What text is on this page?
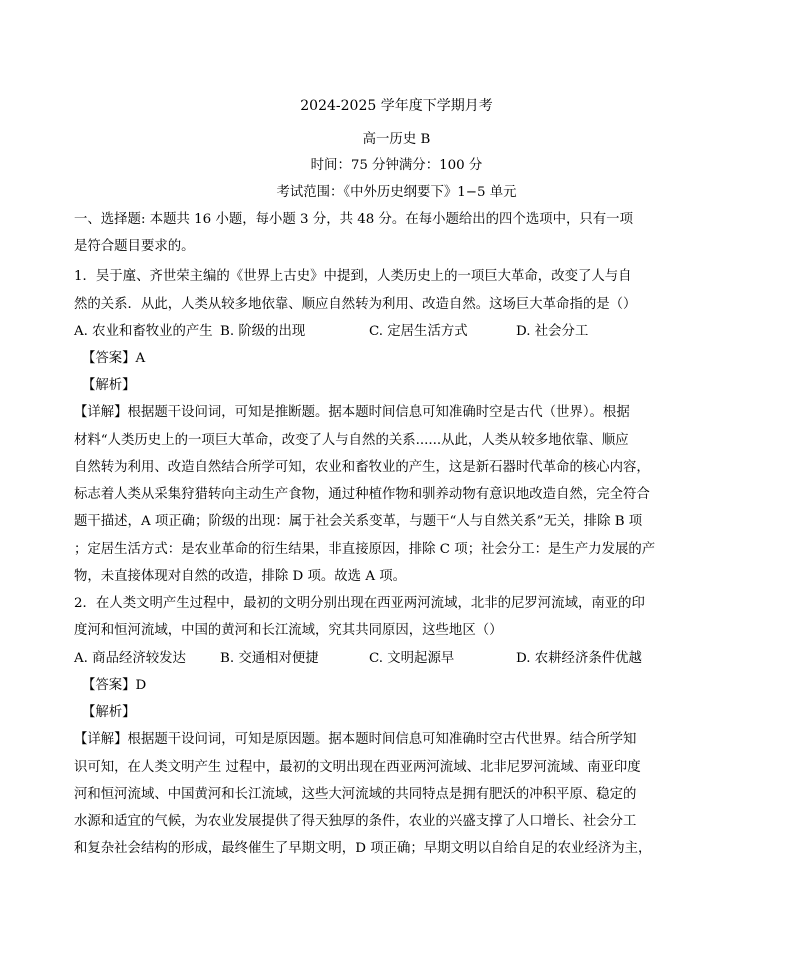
2024-2025 学年度下学期月考
高一历史 B
时间：75 分钟满分：100 分
考试范围：《中外历史纲要下》1−5 单元
一、选择题: 本题共 16 小题，每小题 3 分，共 48 分。在每小题给出的四个选项中，只有一项
是符合题目要求的。
1．吴于廑、齐世荣主编的《世界上古史》中提到，人类历史上的一项巨大革命，改变了人与自
然的关系．从此，人类从较多地依靠、顺应自然转为利用、改造自然。这场巨大革命指的是（）
A. 农业和畜牧业的产生 B. 阶级的出现	C. 定居生活方式	D. 社会分工
【答案】A
【解析】
【详解】根据题干设问词，可知是推断题。据本题时间信息可知准确时空是古代（世界）。根据
材料“人类历史上的一项巨大革命，改变了人与自然的关系......从此，人类从较多地依靠、顺应
自然转为利用、改造自然结合所学可知，农业和畜牧业的产生，这是新石器时代革命的核心内容，
标志着人类从采集狩猎转向主动生产食物，通过种植作物和驯养动物有意识地改造自然，完全符合
题干描述，A 项正确；阶级的出现：属于社会关系变革，与题干“人与自然关系”无关，排除 B 项
；定居生活方式：是农业革命的衍生结果，非直接原因，排除 C 项；社会分工：是生产力发展的产
物，未直接体现对自然的改造，排除 D 项。故选 A 项。
2．在人类文明产生过程中，最初的文明分别出现在西亚两河流域，北非的尼罗河流域，南亚的印
度河和恒河流域，中国的黄河和长江流域，究其共同原因，这些地区（）
A. 商品经济较发达	B. 交通相对便捷	C. 文明起源早	D. 农耕经济条件优越
【答案】D
【解析】
【详解】根据题干设问词，可知是原因题。据本题时间信息可知准确时空古代世界。结合所学知
识可知，在人类文明产生 过程中，最初的文明出现在西亚两河流域、北非尼罗河流域、南亚印度
河和恒河流域、中国黄河和长江流域，这些大河流域的共同特点是拥有肥沃的冲积平原、稳定的
水源和适宜的气候，为农业发展提供了得天独厚的条件，农业的兴盛支撑了人口增长、社会分工
和复杂社会结构的形成，最终催生了早期文明，D 项正确；早期文明以自给自足的农业经济为主，
